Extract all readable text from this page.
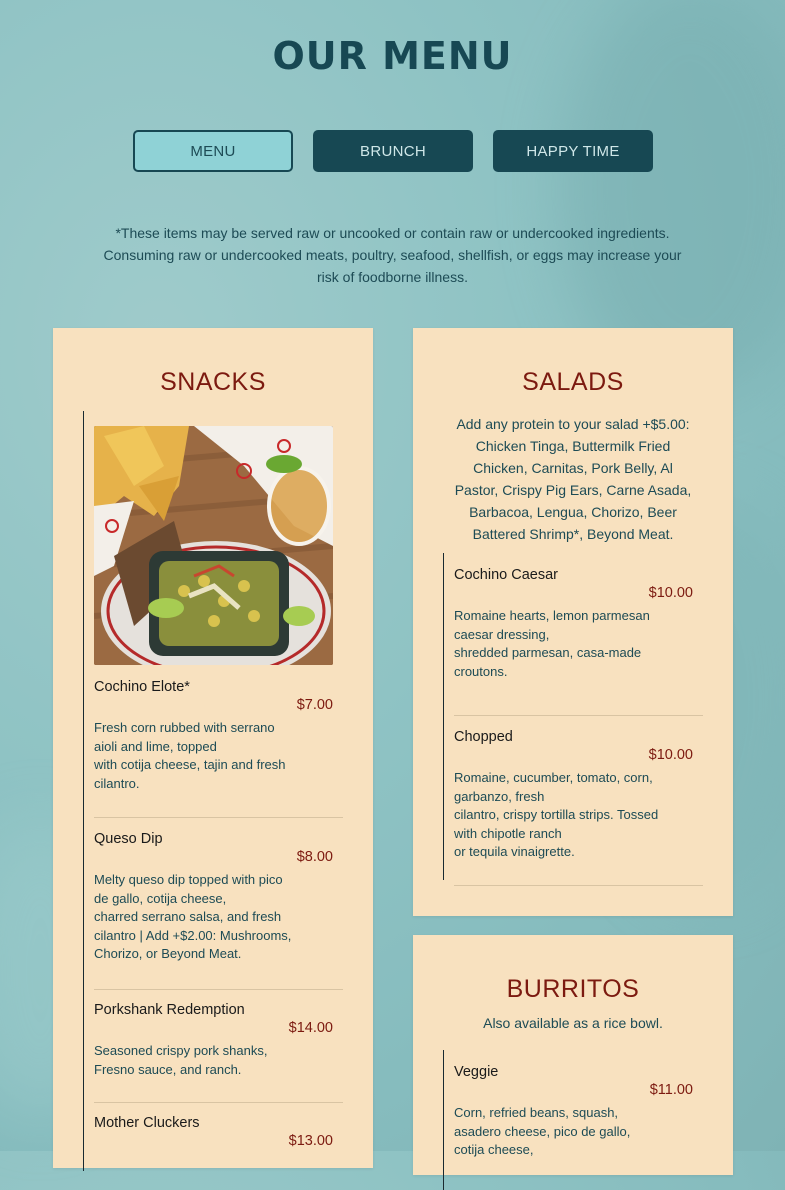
OUR MENU
MENU	BRUNCH	HAPPY TIME
*These items may be served raw or uncooked or contain raw or undercooked ingredients. Consuming raw or undercooked meats, poultry, seafood, shellfish, or eggs may increase your risk of foodborne illness.
SNACKS
Cochino Elote*
$7.00
Fresh corn rubbed with serrano aioli and lime, topped
with cotija cheese, tajin and fresh cilantro.
Queso Dip
$8.00
Melty queso dip topped with pico de gallo, cotija cheese,
charred serrano salsa, and fresh cilantro | Add +$2.00: Mushrooms, Chorizo, or Beyond Meat.
Porkshank Redemption
$14.00
Seasoned crispy pork shanks, Fresno sauce, and ranch.
Mother Cluckers
$13.00
SALADS
Add any protein to your salad +$5.00: Chicken Tinga, Buttermilk Fried Chicken, Carnitas, Pork Belly, Al Pastor, Crispy Pig Ears, Carne Asada, Barbacoa, Lengua, Chorizo, Beer Battered Shrimp*, Beyond Meat.
Cochino Caesar
$10.00
Romaine hearts, lemon parmesan caesar dressing,
shredded parmesan, casa-made croutons.
Chopped
$10.00
Romaine, cucumber, tomato, corn, garbanzo, fresh
cilantro, crispy tortilla strips. Tossed with chipotle ranch
or tequila vinaigrette.
BURRITOS
Also available as a rice bowl.
Veggie
$11.00
Corn, refried beans, squash, asadero cheese, pico de gallo, cotija cheese,
